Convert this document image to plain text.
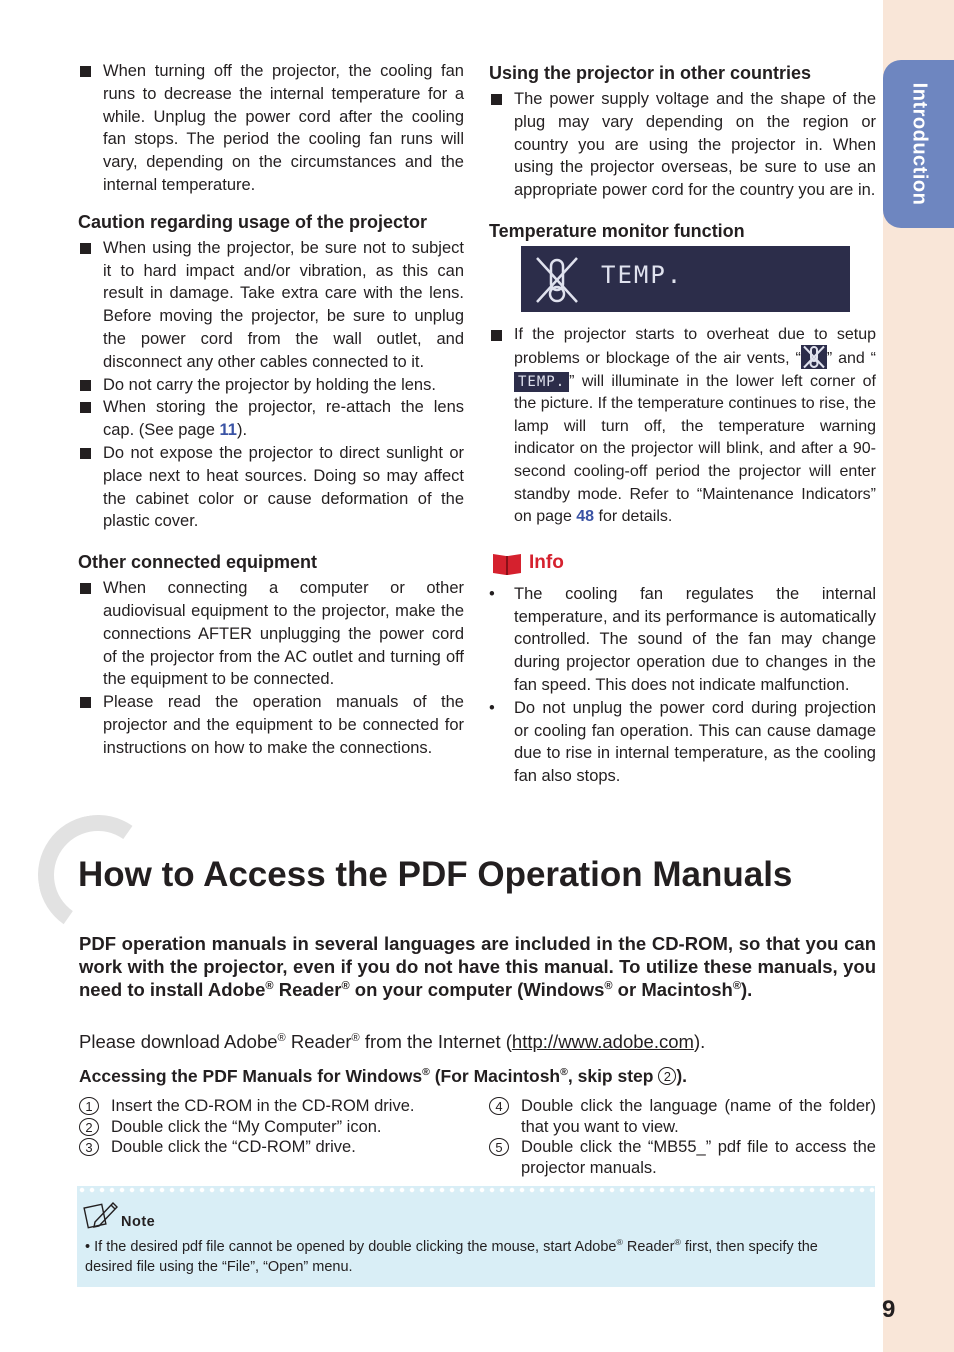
Introduction
9
When turning off the projector, the cooling fan runs to decrease the internal temperature for a while. Unplug the power cord after the cooling fan stops. The period the cooling fan runs will vary, depending on the circumstances and the internal temperature.
Caution regarding usage of the projector
When using the projector, be sure not to subject it to hard impact and/or vibration, as this can result in damage. Take extra care with the lens. Before moving the projector, be sure to unplug the power cord from the wall outlet, and disconnect any other cables connected to it.
Do not carry the projector by holding the lens.
When storing the projector, re-attach the lens cap. (See page 11).
Do not expose the projector to direct sunlight or place next to heat sources. Doing so may affect the cabinet color or cause deformation of the plastic cover.
Other connected equipment
When connecting a computer or other audiovisual equipment to the projector, make the connections AFTER unplugging the power cord of the projector from the AC outlet and turning off the equipment to be connected.
Please read the operation manuals of the projector and the equipment to be connected for instructions on how to make the connections.
Using the projector in other countries
The power supply voltage and the shape of the plug may vary depending on the region or country you are using the projector in. When using the projector overseas, be sure to use an appropriate power cord for the country you are in.
Temperature monitor function
TEMP.
If the projector starts to overheat due to setup problems or blockage of the air vents, “ ” and “TEMP. ” will illuminate in the lower left corner of the picture. If the temperature continues to rise, the lamp will turn off, the temperature warning indicator on the projector will blink, and after a 90-second cooling-off period the projector will enter standby mode. Refer to “Maintenance Indicators” on page 48 for details.
Info
• The cooling fan regulates the internal temperature, and its performance is automatically controlled. The sound of the fan may change during projector operation due to changes in the fan speed. This does not indicate malfunction.
• Do not unplug the power cord during projection or cooling fan operation. This can cause damage due to rise in internal temperature, as the cooling fan also stops.
How to Access the PDF Operation Manuals
PDF operation manuals in several languages are included in the CD-ROM, so that you can work with the projector, even if you do not have this manual. To utilize these manuals, you need to install Adobe® Reader® on your computer (Windows® or Macintosh®).
Please download Adobe® Reader® from the Internet (http://www.adobe.com).
Accessing the PDF Manuals for Windows® (For Macintosh®, skip step 2 ).
1	Insert the CD-ROM in the CD-ROM drive.
2	Double click the “My Computer” icon.
3	Double click the “CD-ROM” drive.
4	Double click the language (name of the folder) that you want to view.
5	Double click the “MB55_” pdf file to access the projector manuals.
Note
• If the desired pdf file cannot be opened by double clicking the mouse, start Adobe® Reader® first, then specify the desired file using the “File”, “Open” menu.
